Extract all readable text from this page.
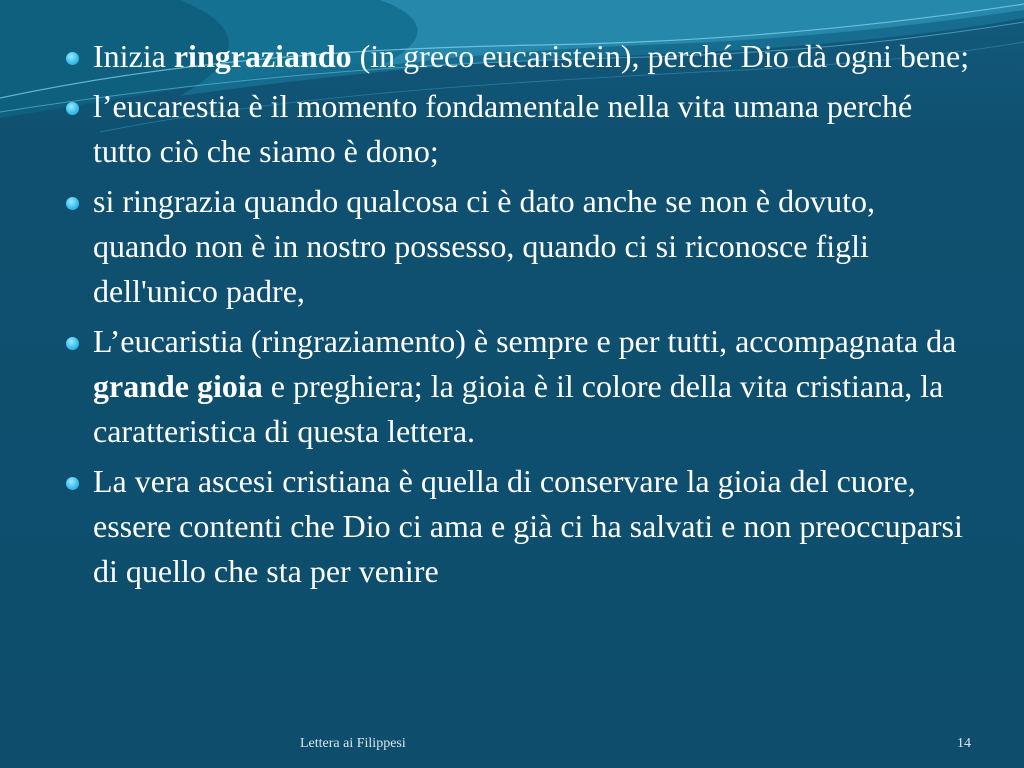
Inizia ringraziando (in greco eucaristein), perché Dio dà ogni bene;
l’eucarestia è il momento fondamentale nella vita umana perché tutto ciò che siamo è dono;
si ringrazia quando qualcosa ci è dato anche se non è dovuto, quando non è in nostro possesso, quando ci si riconosce figli dell'unico padre,
L’eucaristia (ringraziamento) è sempre e per tutti, accompagnata da grande gioia e preghiera; la gioia è il colore della vita cristiana, la caratteristica di questa lettera.
La vera ascesi cristiana è quella di conservare la gioia del cuore, essere contenti che Dio ci ama e già ci ha salvati e non preoccuparsi di quello che sta per venire
Lettera ai Filippesi	14
